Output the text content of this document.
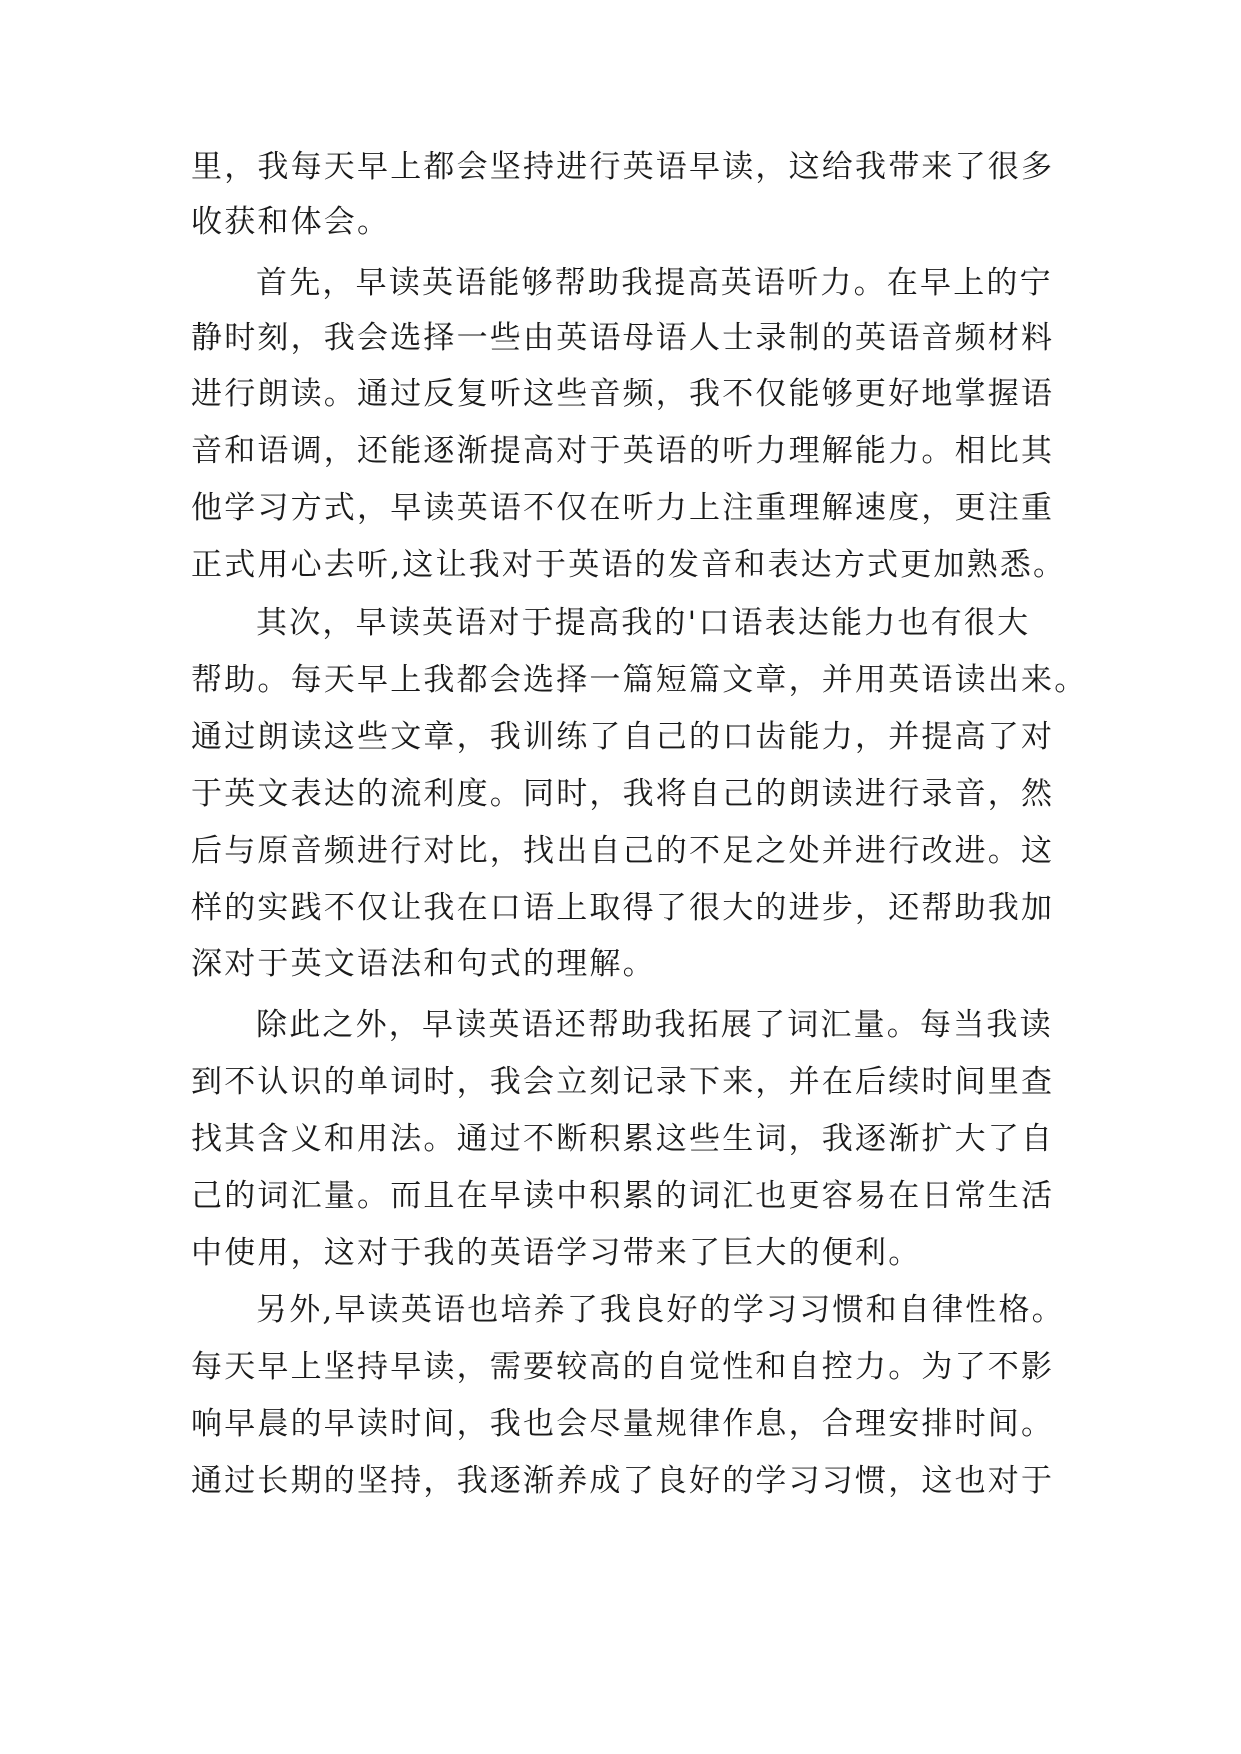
里，我每天早上都会坚持进行英语早读，这给我带来了很多
收获和体会。
首先，早读英语能够帮助我提高英语听力。在早上的宁
静时刻，我会选择一些由英语母语人士录制的英语音频材料
进行朗读。通过反复听这些音频，我不仅能够更好地掌握语
音和语调，还能逐渐提高对于英语的听力理解能力。相比其
他学习方式，早读英语不仅在听力上注重理解速度，更注重
正式用心去听,这让我对于英语的发音和表达方式更加熟悉。
其次，早读英语对于提高我的'口语表达能力也有很大
帮助。每天早上我都会选择一篇短篇文章，并用英语读出来。
通过朗读这些文章，我训练了自己的口齿能力，并提高了对
于英文表达的流利度。同时，我将自己的朗读进行录音，然
后与原音频进行对比，找出自己的不足之处并进行改进。这
样的实践不仅让我在口语上取得了很大的进步，还帮助我加
深对于英文语法和句式的理解。
除此之外，早读英语还帮助我拓展了词汇量。每当我读
到不认识的单词时，我会立刻记录下来，并在后续时间里查
找其含义和用法。通过不断积累这些生词，我逐渐扩大了自
己的词汇量。而且在早读中积累的词汇也更容易在日常生活
中使用，这对于我的英语学习带来了巨大的便利。
另外,早读英语也培养了我良好的学习习惯和自律性格。
每天早上坚持早读，需要较高的自觉性和自控力。为了不影
响早晨的早读时间，我也会尽量规律作息，合理安排时间。
通过长期的坚持，我逐渐养成了良好的学习习惯，这也对于
